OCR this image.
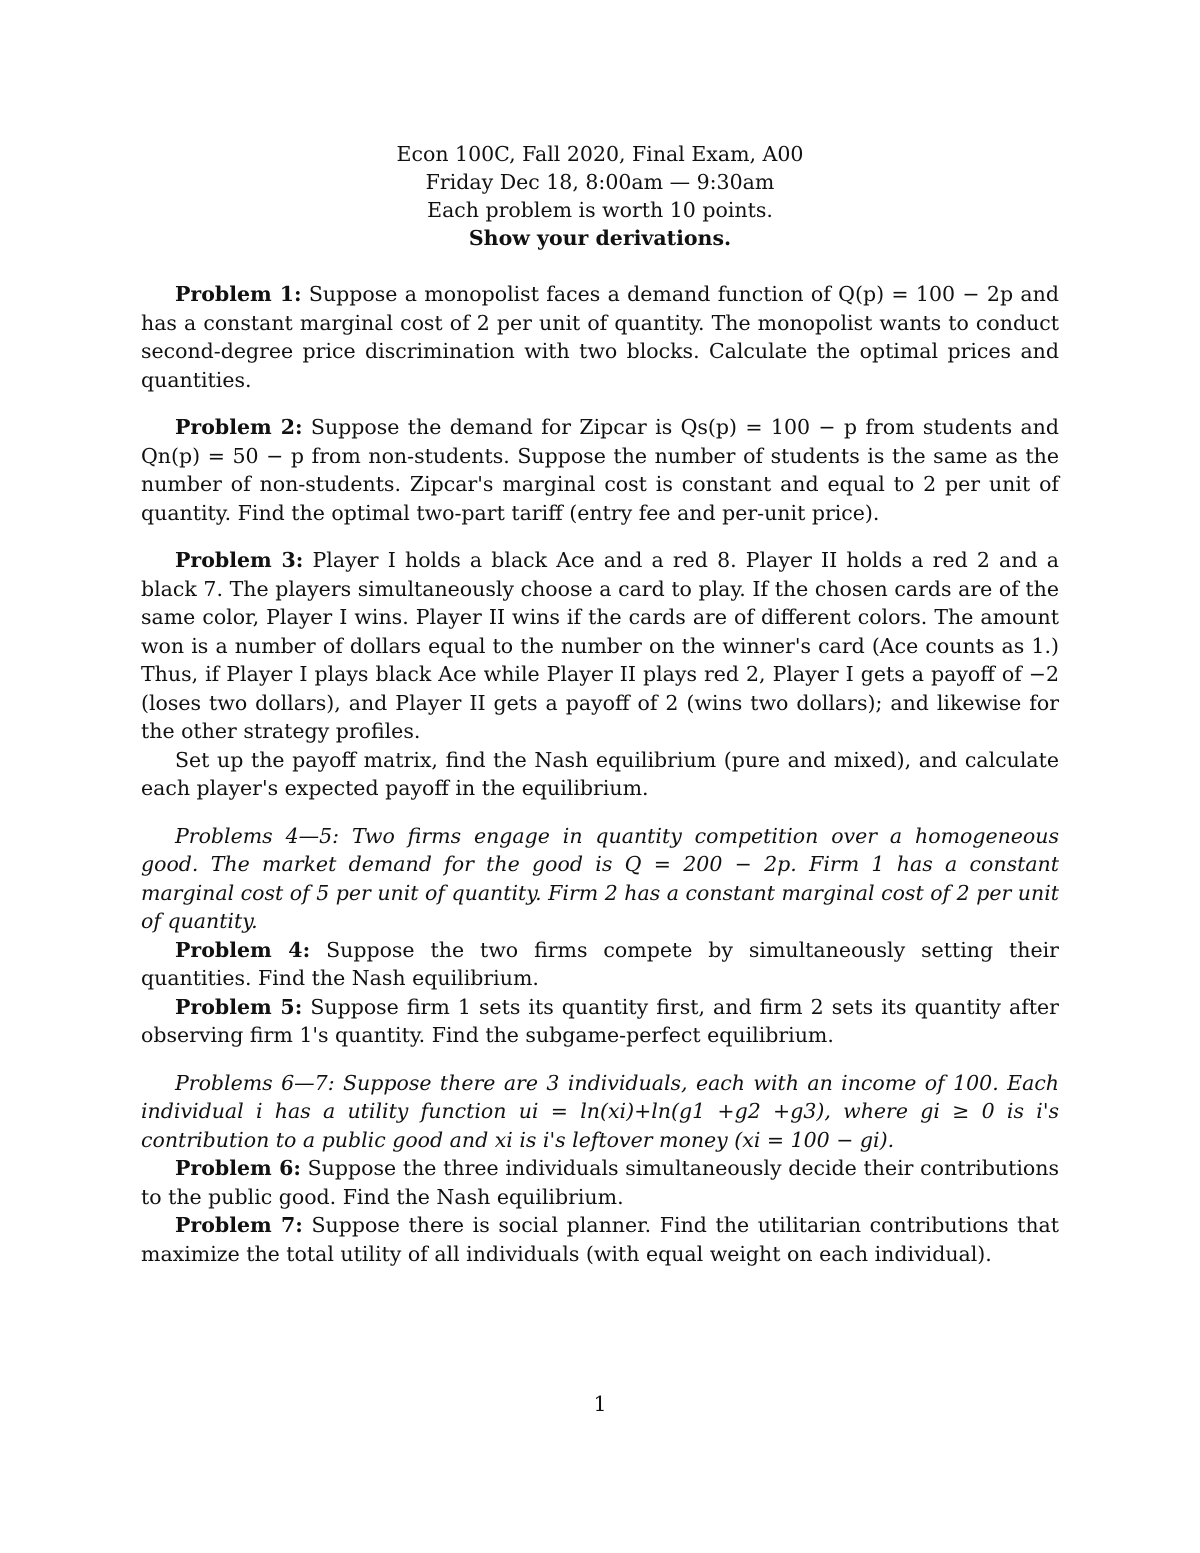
Econ 100C, Fall 2020, Final Exam, A00
Friday Dec 18, 8:00am — 9:30am
Each problem is worth 10 points.
Show your derivations.

Problem 1: Suppose a monopolist faces a demand function of Q(p) = 100 − 2p and has a constant marginal cost of 2 per unit of quantity. The monopolist wants to conduct second-degree price discrimination with two blocks. Calculate the optimal prices and quantities.

Problem 2: Suppose the demand for Zipcar is Qs(p) = 100 − p from students and Qn(p) = 50 − p from non-students. Suppose the number of students is the same as the number of non-students. Zipcar's marginal cost is constant and equal to 2 per unit of quantity. Find the optimal two-part tariff (entry fee and per-unit price).

Problem 3: Player I holds a black Ace and a red 8. Player II holds a red 2 and a black 7. The players simultaneously choose a card to play. If the chosen cards are of the same color, Player I wins. Player II wins if the cards are of different colors. The amount won is a number of dollars equal to the number on the winner's card (Ace counts as 1.) Thus, if Player I plays black Ace while Player II plays red 2, Player I gets a payoff of −2 (loses two dollars), and Player II gets a payoff of 2 (wins two dollars); and likewise for the other strategy profiles.

Set up the payoff matrix, find the Nash equilibrium (pure and mixed), and calculate each player's expected payoff in the equilibrium.

Problems 4—5: Two firms engage in quantity competition over a homogeneous good. The market demand for the good is Q = 200 − 2p. Firm 1 has a constant marginal cost of 5 per unit of quantity. Firm 2 has a constant marginal cost of 2 per unit of quantity.

Problem 4: Suppose the two firms compete by simultaneously setting their quantities. Find the Nash equilibrium.

Problem 5: Suppose firm 1 sets its quantity first, and firm 2 sets its quantity after observing firm 1's quantity. Find the subgame-perfect equilibrium.

Problems 6—7: Suppose there are 3 individuals, each with an income of 100. Each individual i has a utility function ui = ln(xi)+ln(g1 +g2 +g3), where gi ≥ 0 is i's contribution to a public good and xi is i's leftover money (xi = 100 − gi).

Problem 6: Suppose the three individuals simultaneously decide their contributions to the public good. Find the Nash equilibrium.

Problem 7: Suppose there is social planner. Find the utilitarian contributions that maximize the total utility of all individuals (with equal weight on each individual).

1
